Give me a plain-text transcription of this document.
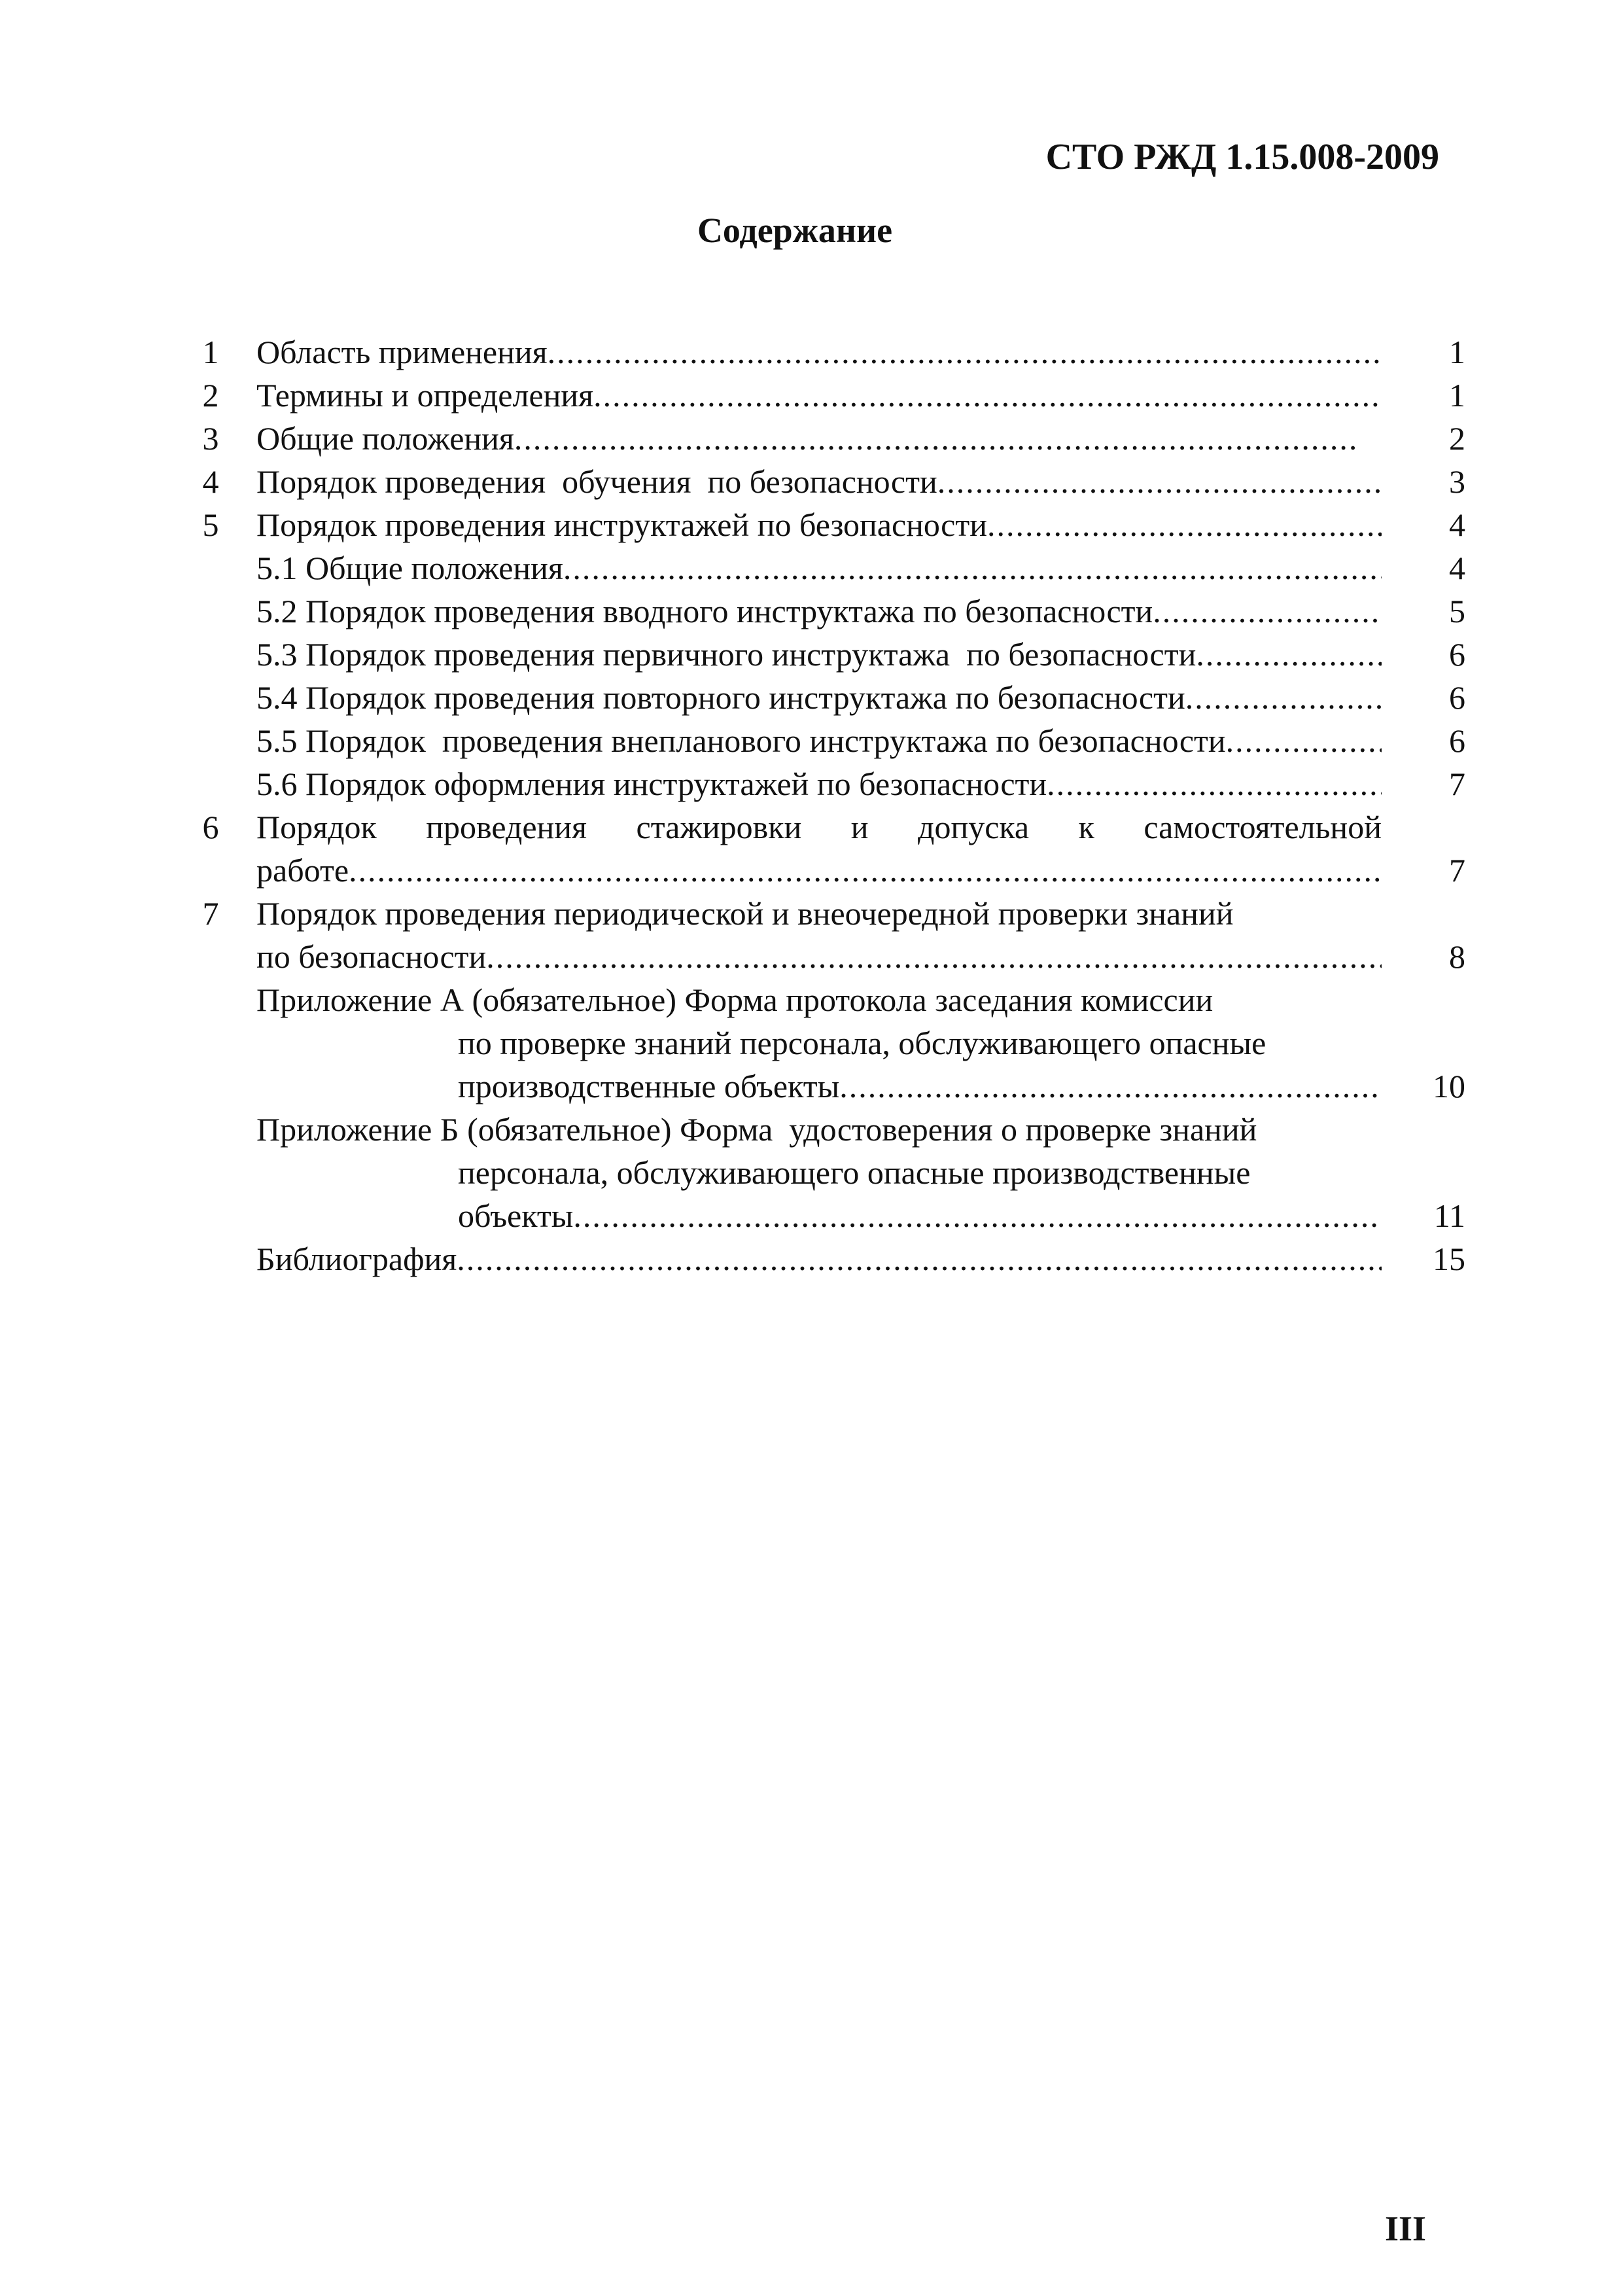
СТО РЖД 1.15.008-2009
Содержание
1	Область применения .....	1
2	Термины и определения .....	1
3	Общие положения .....	2
4	Порядок проведения  обучения  по безопасности .....	3
5	Порядок проведения инструктажей по безопасности .....	4
5.1 Общие положения .....	4
5.2 Порядок проведения вводного инструктажа по безопасности .....	5
5.3 Порядок проведения первичного инструктажа  по безопасности .....	6
5.4 Порядок проведения повторного инструктажа по безопасности .....	6
5.5 Порядок  проведения внепланового инструктажа по безопасности .....	6
5.6 Порядок оформления инструктажей по безопасности .....	7
6	Порядок проведения стажировки и допуска к самостоятельной
работе .....	7
7	Порядок проведения периодической и внеочередной проверки знаний
по безопасности .....	8
Приложение А (обязательное) Форма протокола заседания комиссии
по проверке знаний персонала, обслуживающего опасные
производственные объекты .....	10
Приложение Б (обязательное) Форма  удостоверения о проверке знаний
персонала, обслуживающего опасные производственные
объекты .....	11
Библиография .....	15
III
